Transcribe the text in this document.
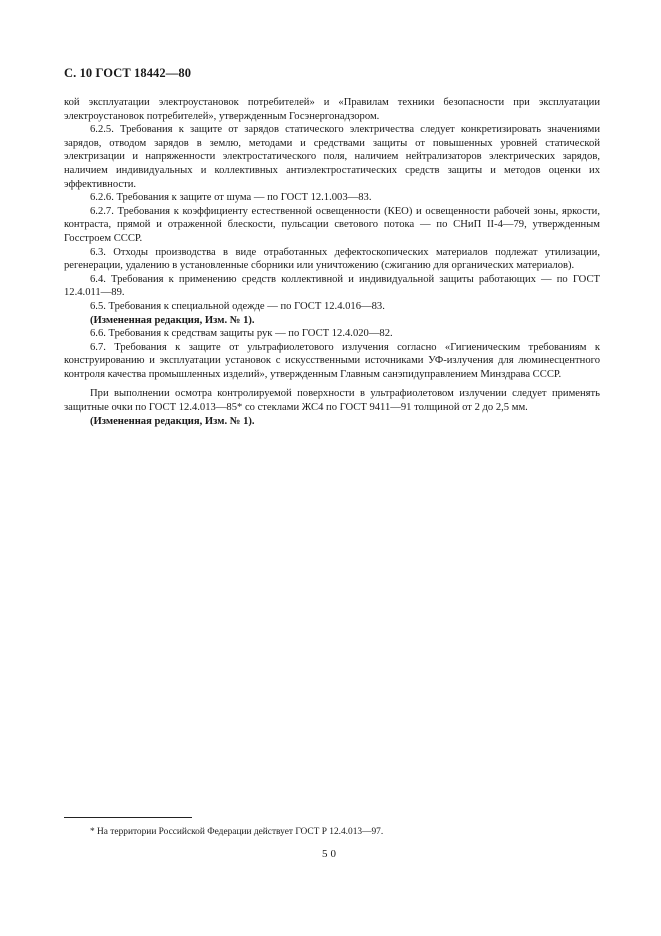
С. 10 ГОСТ 18442—80

кой эксплуатации электроустановок потребителей» и «Правилам техники безопасности при эксплуатации электроустановок потребителей», утвержденным Госэнергонадзором.

6.2.5. Требования к защите от зарядов статического электричества следует конкретизировать значениями зарядов, отводом зарядов в землю, методами и средствами защиты от повышенных уровней статической электризации и напряженности электростатического поля, наличием нейтрализаторов электрических зарядов, наличием индивидуальных и коллективных антиэлектростатических средств защиты и методов оценки их эффективности.

6.2.6. Требования к защите от шума — по ГОСТ 12.1.003—83.

6.2.7. Требования к коэффициенту естественной освещенности (КЕО) и освещенности рабочей зоны, яркости, контраста, прямой и отраженной блескости, пульсации светового потока — по СНиП II-4—79, утвержденным Госстроем СССР.

6.3. Отходы производства в виде отработанных дефектоскопических материалов подлежат утилизации, регенерации, удалению в установленные сборники или уничтожению (сжиганию для органических материалов).

6.4. Требования к применению средств коллективной и индивидуальной защиты работающих — по ГОСТ 12.4.011—89.

6.5. Требования к специальной одежде — по ГОСТ 12.4.016—83.

(Измененная редакция, Изм. № 1).

6.6. Требования к средствам защиты рук — по ГОСТ 12.4.020—82.

6.7. Требования к защите от ультрафиолетового излучения согласно «Гигиеническим требованиям к конструированию и эксплуатации установок с искусственными источниками УФ-излучения для люминесцентного контроля качества промышленных изделий», утвержденным Главным санэпидуправлением Минздрава СССР.

При выполнении осмотра контролируемой поверхности в ультрафиолетовом излучении следует применять защитные очки по ГОСТ 12.4.013—85* со стеклами ЖС4 по ГОСТ 9411—91 толщиной от 2 до 2,5 мм.

(Измененная редакция, Изм. № 1).

* На территории Российской Федерации действует ГОСТ Р 12.4.013—97.
50
